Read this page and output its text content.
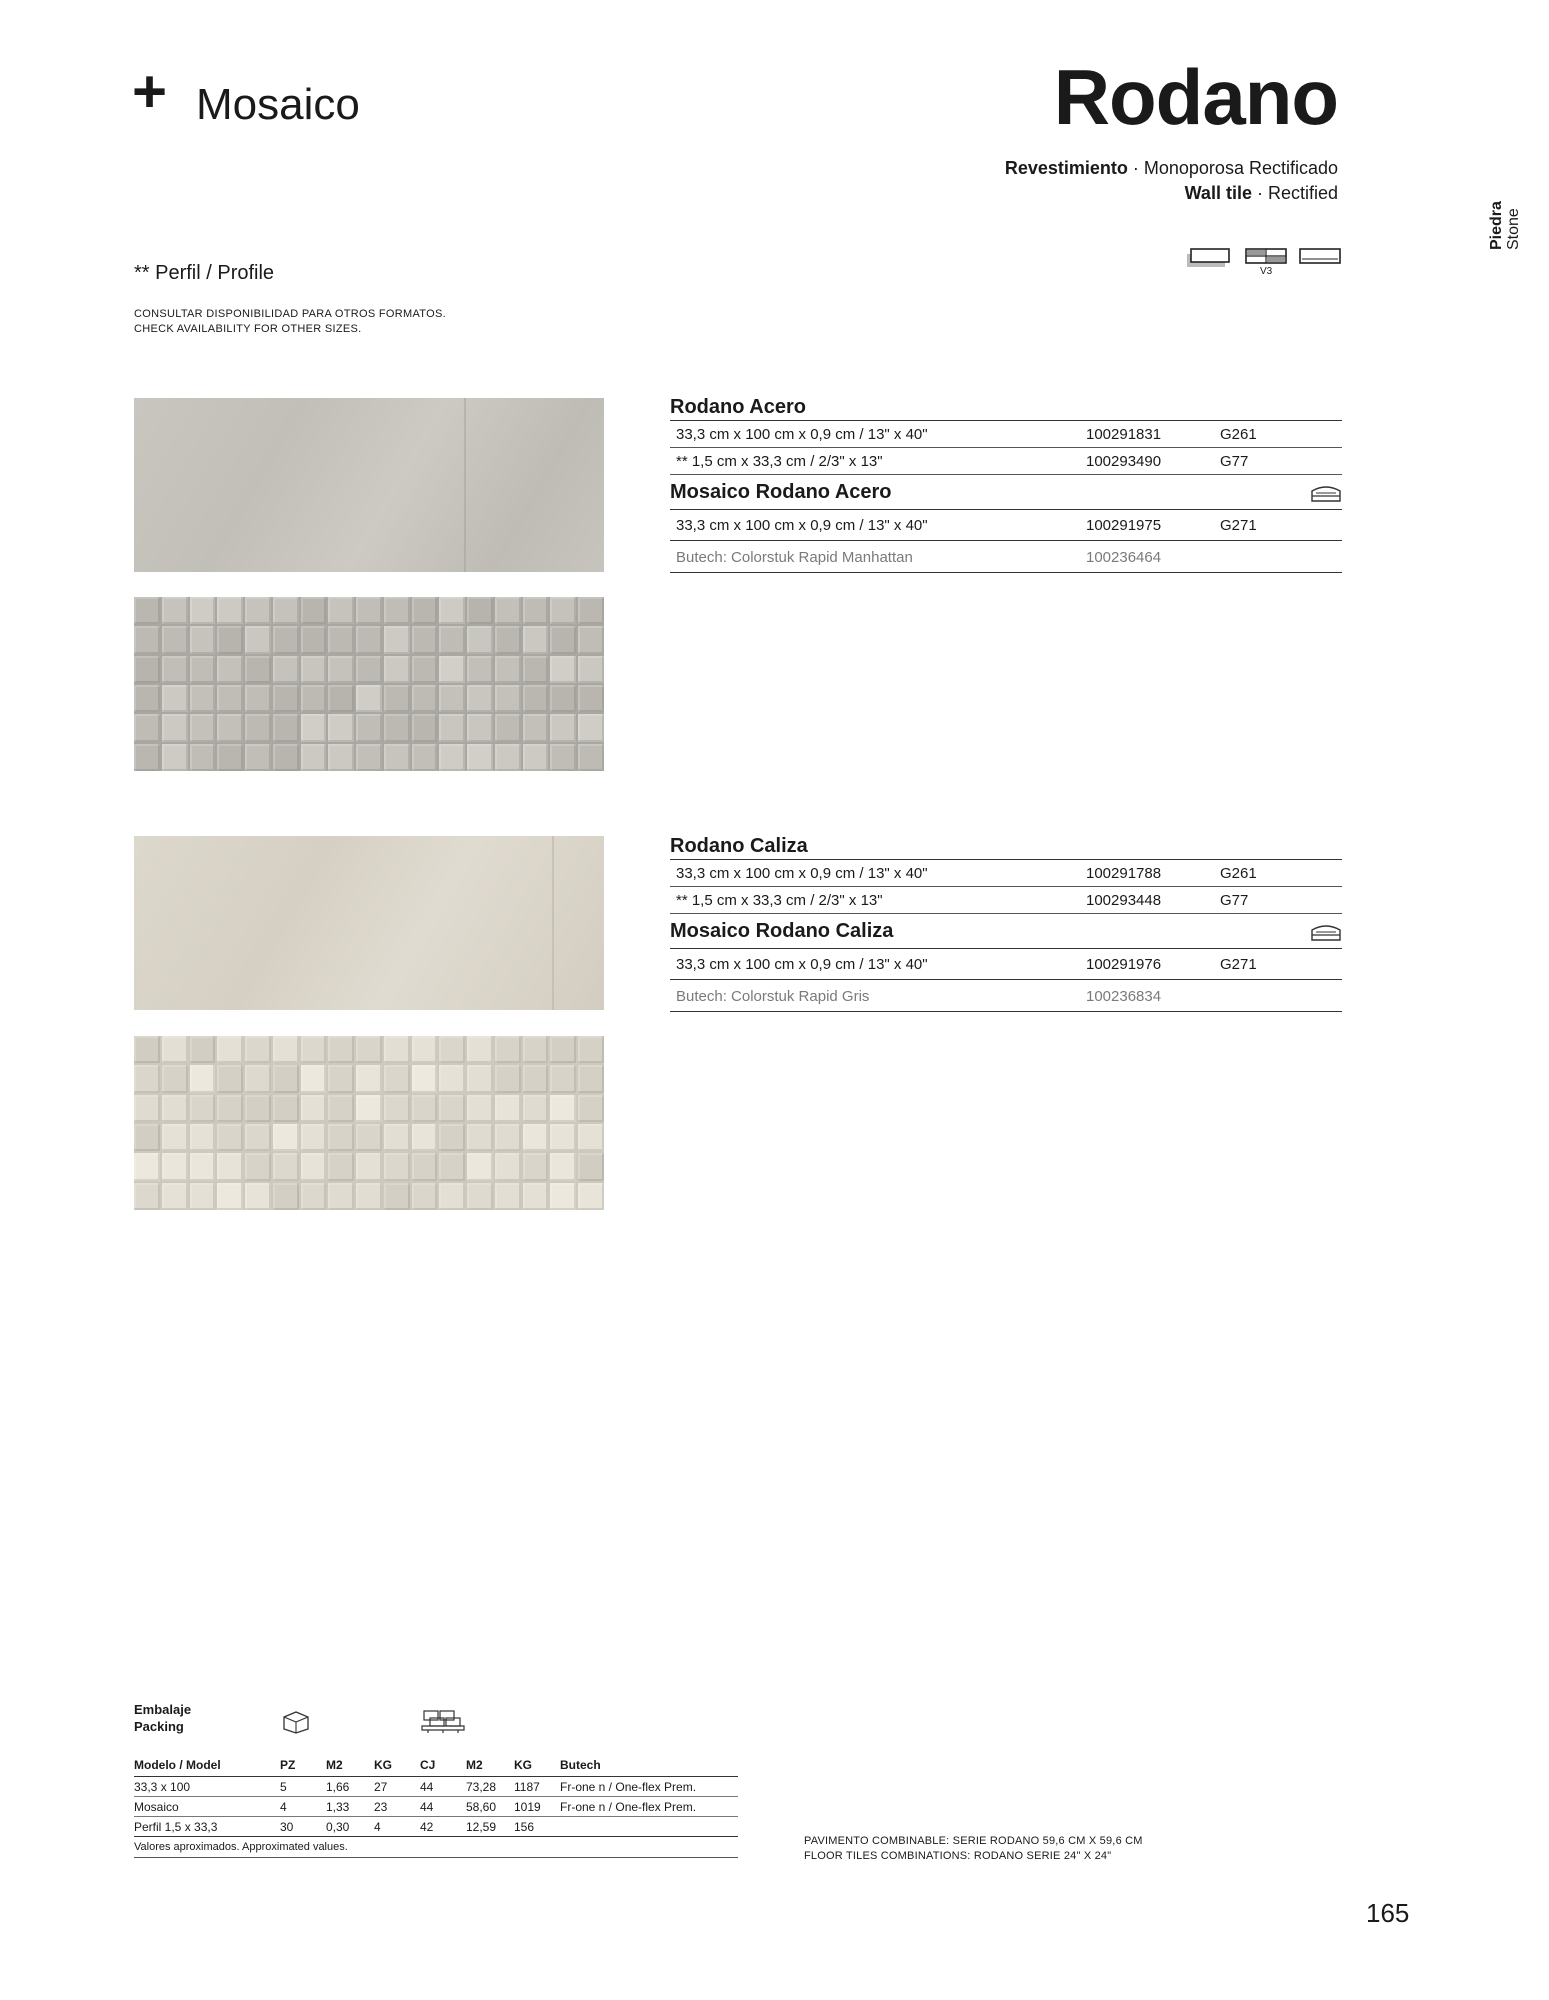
+ Mosaico	Rodano
Revestimiento · Monoporosa Rectificado
Wall tile · Rectified
Piedra Stone
V3
** Perfil / Profile
CONSULTAR DISPONIBILIDAD PARA OTROS FORMATOS.
CHECK AVAILABILITY FOR OTHER SIZES.
Rodano Acero
33,3 cm x 100 cm x 0,9 cm / 13" x 40"	100291831	G261
** 1,5 cm x 33,3 cm / 2/3" x 13"	100293490	G77
Mosaico Rodano Acero
33,3 cm x 100 cm x 0,9 cm / 13" x 40"	100291975	G271
Butech: Colorstuk Rapid Manhattan	100236464
Rodano Caliza
33,3 cm x 100 cm x 0,9 cm / 13" x 40"	100291788	G261
** 1,5 cm x 33,3 cm / 2/3" x 13"	100293448	G77
Mosaico Rodano Caliza
33,3 cm x 100 cm x 0,9 cm / 13" x 40"	100291976	G271
Butech: Colorstuk Rapid Gris	100236834
Embalaje
Packing
Modelo / Model	PZ	M2	KG	CJ	M2	KG	Butech
33,3 x 100	5	1,66	27	44	73,28	1187	Fr-one n / One-flex Prem.
Mosaico	4	1,33	23	44	58,60	1019	Fr-one n / One-flex Prem.
Perfil 1,5 x 33,3	30	0,30	4	42	12,59	156	
Valores aproximados. Approximated values.								PAVIMENTO COMBINABLE: SERIE RODANO 59,6 CM X 59,6 CM
FLOOR TILES COMBINATIONS: RODANO SERIE 24" X 24"
165
